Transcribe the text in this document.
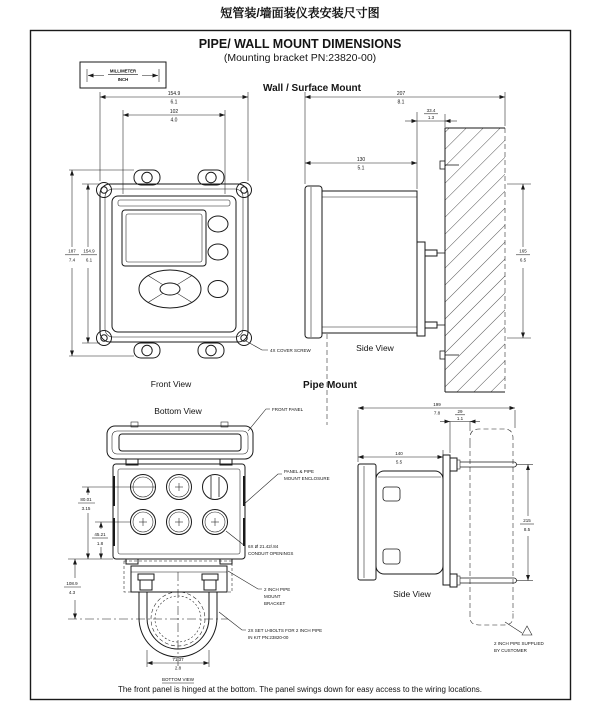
短管装/墙面装仪表安装尺寸图
PIPE/ WALL MOUNT DIMENSIONS
(Mounting bracket PN:23820-00)
MILLIMETER
INCH
Wall / Surface Mount
154.9
6.1
102
4.0
187
7.4
154.9
6.1
4X COVER SCREW
Front View
207
8.1
33.4
1.3
130
5.1
165
6.5
Side View
Pipe Mount
Bottom View
80.01
3.15
45.21
1.8
108.9
4.3
71.37
2.8
BOTTOM VIEW
FRONT PANEL
PANEL & PIPE
MOUNT ENCLOSURE
6X Ø 21.42/.84
CONDUIT OPENINGS
2 INCH PIPE
MOUNT
BRACKET
2X SET U-BOLTS FOR 2 INCH PIPE
IN KIT PN:23820-00
199
7.8	29
1.1
140
5.5
215
8.5
2 INCH PIPE SUPPLIED
BY CUSTOMER
Side View
The front panel is hinged at the bottom. The panel swings down for easy access to the wiring locations.
